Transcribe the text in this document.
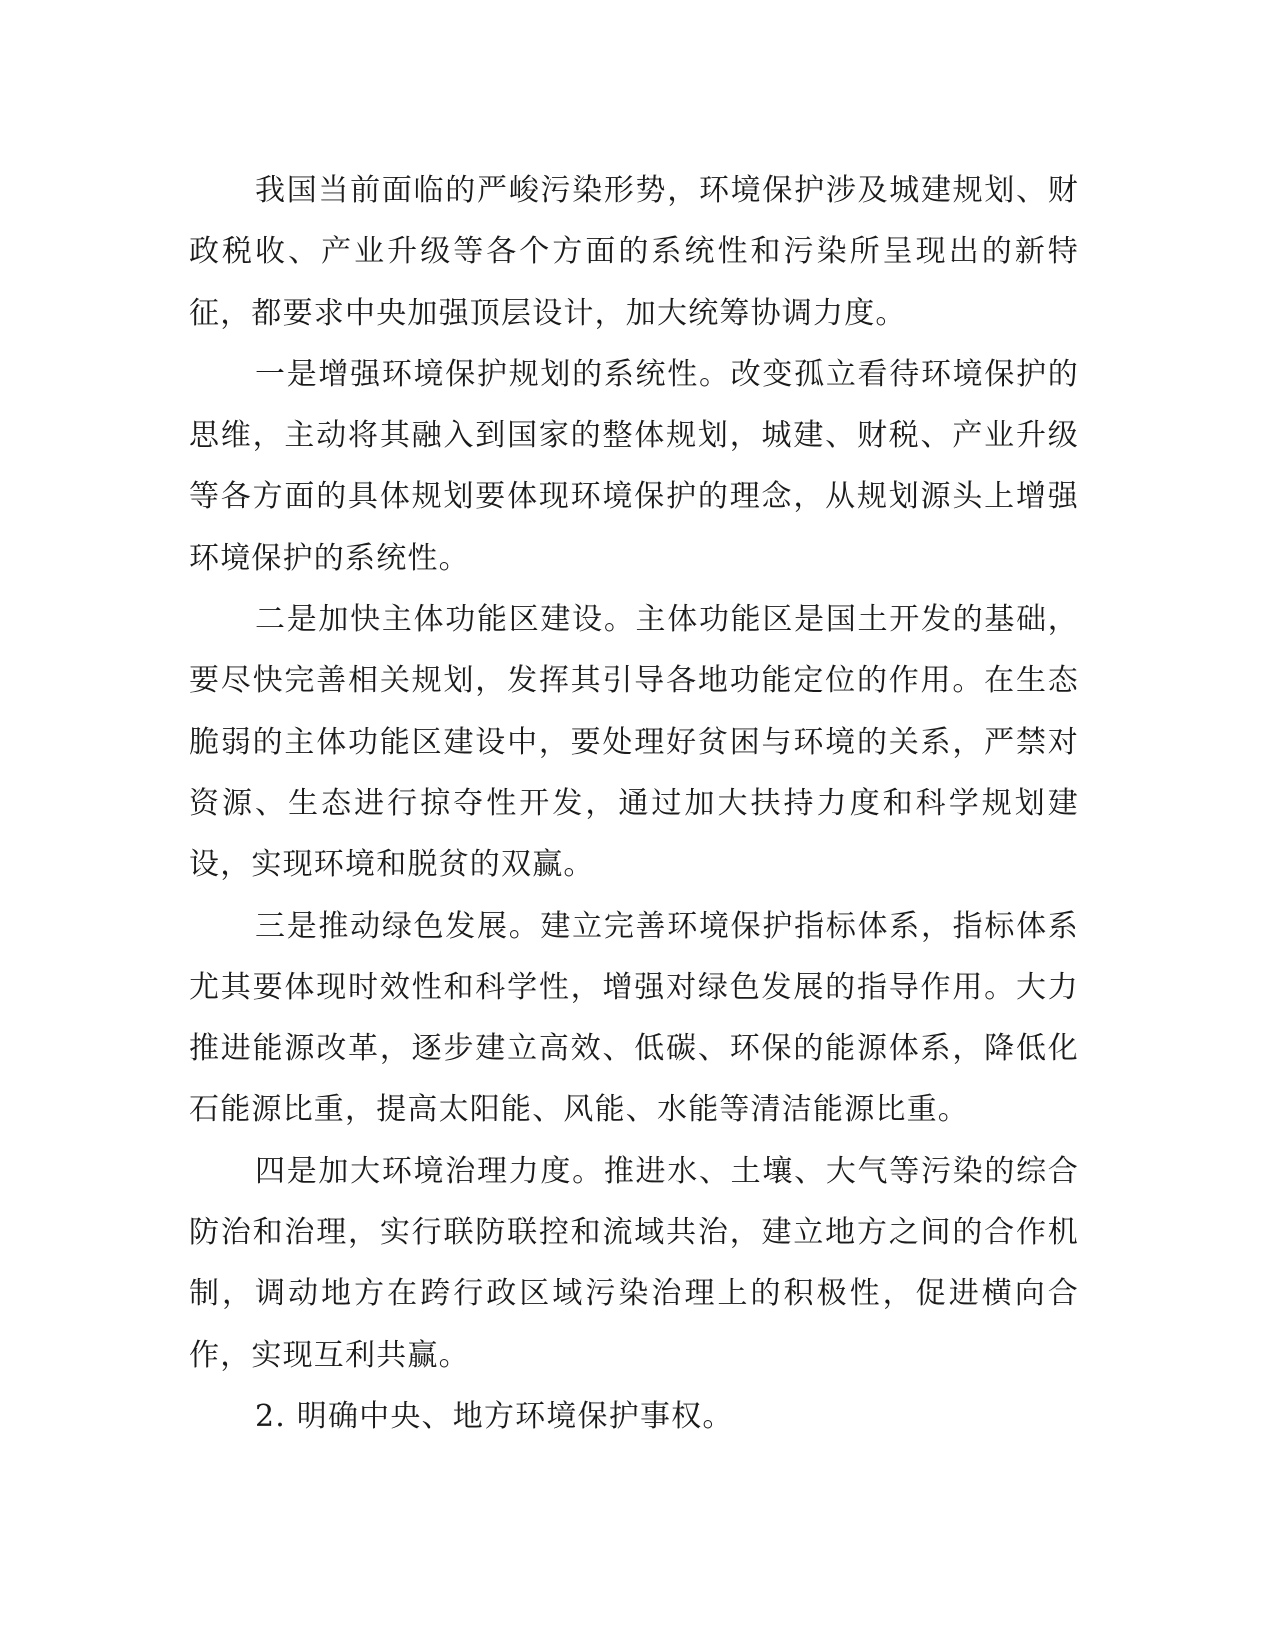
我国当前面临的严峻污染形势，环境保护涉及城建规划、财政税收、产业升级等各个方面的系统性和污染所呈现出的新特征，都要求中央加强顶层设计，加大统筹协调力度。

一是增强环境保护规划的系统性。改变孤立看待环境保护的思维，主动将其融入到国家的整体规划，城建、财税、产业升级等各方面的具体规划要体现环境保护的理念，从规划源头上增强环境保护的系统性。

二是加快主体功能区建设。主体功能区是国土开发的基础，要尽快完善相关规划，发挥其引导各地功能定位的作用。在生态脆弱的主体功能区建设中，要处理好贫困与环境的关系，严禁对资源、生态进行掠夺性开发，通过加大扶持力度和科学规划建设，实现环境和脱贫的双赢。

三是推动绿色发展。建立完善环境保护指标体系，指标体系尤其要体现时效性和科学性，增强对绿色发展的指导作用。大力推进能源改革，逐步建立高效、低碳、环保的能源体系，降低化石能源比重，提高太阳能、风能、水能等清洁能源比重。

四是加大环境治理力度。推进水、土壤、大气等污染的综合防治和治理，实行联防联控和流域共治，建立地方之间的合作机制，调动地方在跨行政区域污染治理上的积极性，促进横向合作，实现互利共赢。

2. 明确中央、地方环境保护事权。
